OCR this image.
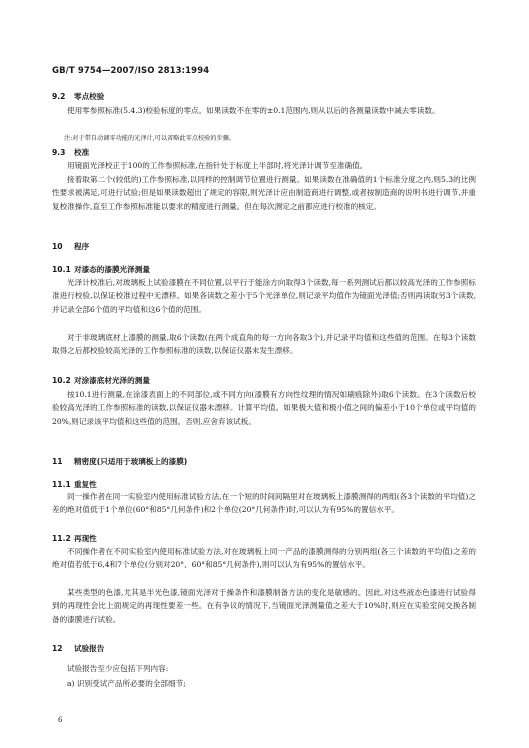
GB/T 9754—2007/ISO 2813:1994
9.2 零点校验
使用零参照标准(5.4.3)校验标度的零点。如果读数不在零的±0.1范围内,则从以后的各测量读数中减去零读数。
注:对于带自动调零功能的光泽计,可以省略此零点校验的步骤。
9.3 校准
用镜面光泽校正于100的工作参照标准,在指针处于标度上半部时,将光泽计调节至准确值。
接着取第二个(较低的)工作参照标准,以同样的控制调节位置进行测量。如果读数在准确值的1个标准分度之内,则5.3的比例性要求被满足,可进行试验;但是如果读数超出了规定的容限,则光泽计应由制造商进行调整,或者按制造商的说明书进行调节,并重复校准操作,直至工作参照标准能以要求的精度进行测量。但在每次测定之前都应进行校准的核定。
10 程序
10.1 对漆态的漆膜光泽测量
光泽计校准后,对玻璃板上试验漆膜在不同位置,以平行于能涂方向取得3个读数,每一系列测试后都以较高光泽的工作参照标准进行校验,以保证校准过程中无漂移。如果各读数之差小于5个光泽单位,则记录平均值作为镜面光泽值;否则再读取另3个读数,并记录全部6个值的平均值和这6个值的范围。
对于非玻璃底材上漆膜的测量,取6个读数(在两个成直角的每一方向各取3个),并记录平均值和这些值的范围。在每3个读数取得之后都校验较高光泽的工作参照标准的读数,以保证仪器未发生漂移。
10.2 对涂漆底材光泽的测量
按10.1进行测量,在涂漆表面上的不同部位,或不同方向(漆膜有方向性纹理的情况如刷痕除外)取6个读数。在3个读数后校验较高光泽的工作参照标准的读数,以保证仪器未漂移。计算平均值。如果极大值和极小值之间的偏差小于10个单位或平均值的20%,则记录该平均值和这些值的范围。否则,应舍弃该试板。
11 精密度(只适用于玻璃板上的漆膜)
11.1 重复性
同一操作者在同一实验室内使用标准试验方法,在一个短的时间间隔里对在玻璃板上漆膜测得的两组(各3个读数的平均值)之差的绝对值低于1个单位(60°和85°几何条件)和2个单位(20°几何条件)时,可以认为有95%的置信水平。
11.2 再现性
不同操作者在不同实验室内使用标准试验方法,对在玻璃板上同一产品的漆膜测得的分别两组(各三个读数的平均值)之差的绝对值若低于6,4和7个单位(分别对20°、60°和85°几何条件),则可以认为有95%的置信水平。
某些类型的色漆,尤其是半光色漆,镜面光泽对于操条件和漆膜制备方法的变化是敏感的。因此,对这些液态色漆进行试验得到的再现性会比上面规定的再现性要差一些。在有争议的情况下,当镜面光泽测量值之差大于10%时,则应在实验室间交换各制备的漆膜进行试验。
12 试验报告
试验报告至少应包括下列内容:
a) 识别受试产品所必要的全部细节;
6
